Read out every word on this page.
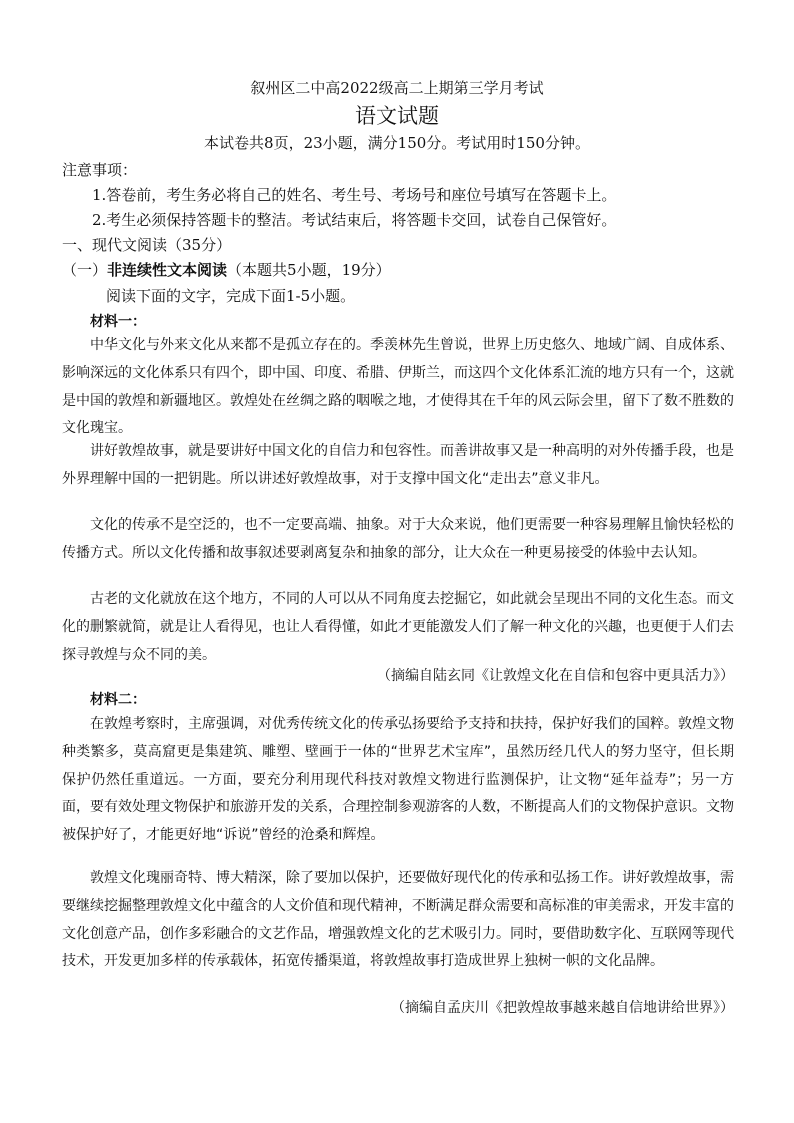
叙州区二中高2022级高二上期第三学月考试
语文试题
本试卷共8页，23小题，满分150分。考试用时150分钟。
注意事项：
1.答卷前，考生务必将自己的姓名、考生号、考场号和座位号填写在答题卡上。
2.考生必须保持答题卡的整洁。考试结束后，将答题卡交回，试卷自己保管好。
一、现代文阅读（35分）
（一）非连续性文本阅读（本题共5小题，19分）
阅读下面的文字，完成下面1-5小题。
材料一：
中华文化与外来文化从来都不是孤立存在的。季羡林先生曾说，世界上历史悠久、地域广阔、自成体系、影响深远的文化体系只有四个，即中国、印度、希腊、伊斯兰，而这四个文化体系汇流的地方只有一个，这就是中国的敦煌和新疆地区。敦煌处在丝绸之路的咽喉之地，才使得其在千年的风云际会里，留下了数不胜数的文化瑰宝。
讲好敦煌故事，就是要讲好中国文化的自信力和包容性。而善讲故事又是一种高明的对外传播手段，也是外界理解中国的一把钥匙。所以讲述好敦煌故事，对于支撑中国文化“走出去”意义非凡。
文化的传承不是空泛的，也不一定要高端、抽象。对于大众来说，他们更需要一种容易理解且愉快轻松的传播方式。所以文化传播和故事叙述要剥离复杂和抽象的部分，让大众在一种更易接受的体验中去认知。
古老的文化就放在这个地方，不同的人可以从不同角度去挖掘它，如此就会呈现出不同的文化生态。而文化的删繁就简，就是让人看得见，也让人看得懂，如此才更能激发人们了解一种文化的兴趣，也更便于人们去探寻敦煌与众不同的美。
（摘编自陆玄同《让敦煌文化在自信和包容中更具活力》）
材料二：
在敦煌考察时，主席强调，对优秀传统文化的传承弘扬要给予支持和扶持，保护好我们的国粹。敦煌文物种类繁多，莫高窟更是集建筑、雕塑、壁画于一体的“世界艺术宝库”，虽然历经几代人的努力坚守，但长期保护仍然任重道远。一方面，要充分利用现代科技对敦煌文物进行监测保护，让文物“延年益寿”；另一方面，要有效处理文物保护和旅游开发的关系，合理控制参观游客的人数，不断提高人们的文物保护意识。文物被保护好了，才能更好地“诉说”曾经的沧桑和辉煌。
敦煌文化瑰丽奇特、博大精深，除了要加以保护，还要做好现代化的传承和弘扬工作。讲好敦煌故事，需要继续挖掘整理敦煌文化中蕴含的人文价值和现代精神，不断满足群众需要和高标准的审美需求，开发丰富的文化创意产品，创作多彩融合的文艺作品，增强敦煌文化的艺术吸引力。同时，要借助数字化、互联网等现代技术，开发更加多样的传承载体，拓宽传播渠道，将敦煌故事打造成世界上独树一帜的文化品牌。
（摘编自孟庆川《把敦煌故事越来越自信地讲给世界》）
